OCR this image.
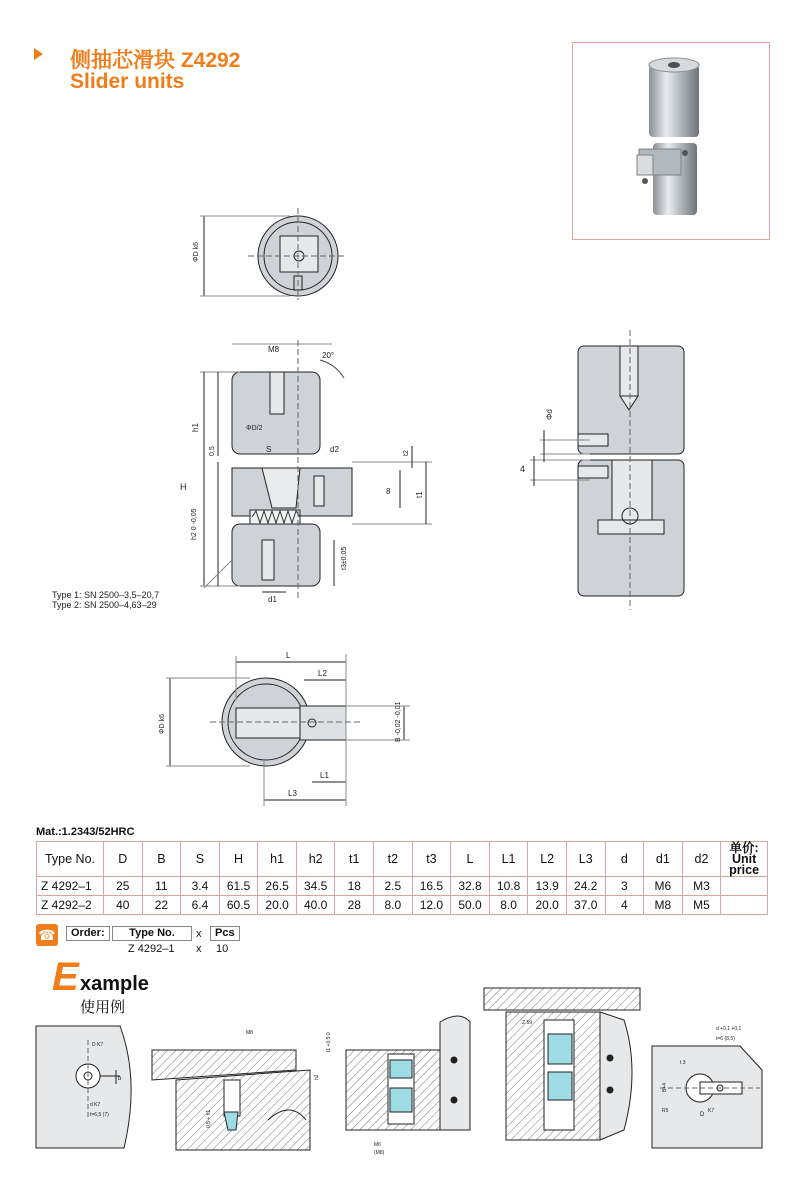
侧抽芯滑块 Z4292
Slider units
ΦD k6
M8
20°
h1	ΦD/2
0,5	S	d2	t2
8	t1
H
h2 0 -0,05
t3±0,05
d1
Type 1: SN 2500–3,5–20,7
Type 2: SN 2500–4,63–29
Φd
4
L
L2
L1
L3
ΦD k6	B -0,02 -0,01
Mat.:1.2343/52HRC
Type No.	D	B	S	H	h1	h2	t1	t2	t3	L	L1	L2	L3	d	d1	d2	单价:
Unit price
Z 4292–1	25	11	3.4	61.5	26.5	34.5	18	2.5	16.5	32.8	10.8	13.9	24.2	3	M6	M3	
Z 4292–2	40	22	6.4	60.5	20.0	40.0	28	8.0	12.0	50.0	8.0	20.0	37.0	4	M8	M5	
☎	Order:	Type No.	x	Pcs
Z 4292–1 x 10
E xample
使用例
D K7
b
d K7
t=6,5 (7)
M8
0,5 + h1
t1 +0,5 0
h2
M6
(M8)
Z 59
d +0,1 +0,1
t=6 (8,5)
t 3
B+4
R5
D
K7
